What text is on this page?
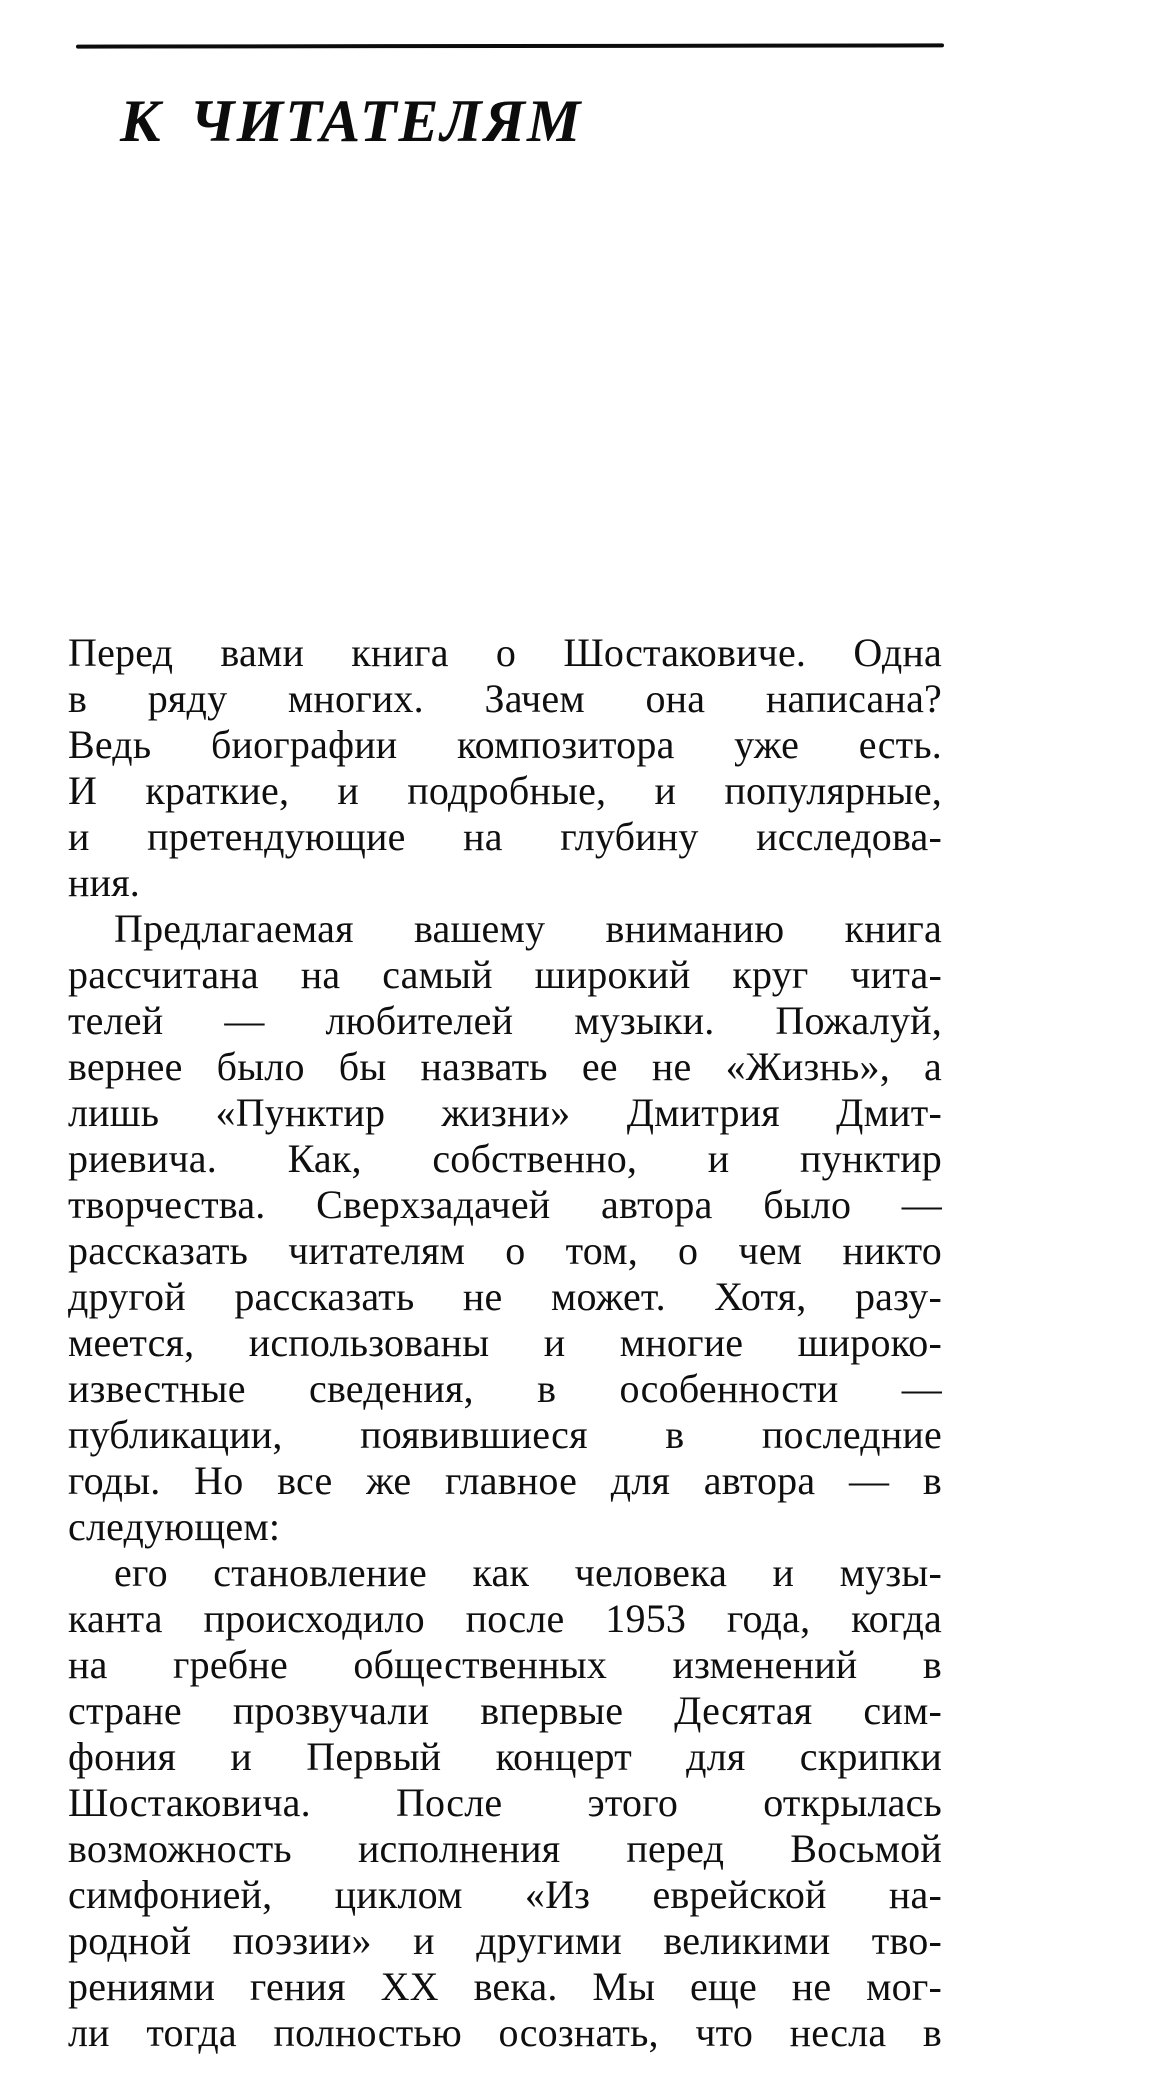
К ЧИТАТЕЛЯМ
Перед вами книга о Шостаковиче. Одна
в ряду многих. Зачем она написана?
Ведь биографии композитора уже есть.
И краткие, и подробные, и популярные,
и претендующие на глубину исследова-
ния.
Предлагаемая вашему вниманию книга
рассчитана на самый широкий круг чита-
телей — любителей музыки. Пожалуй,
вернее было бы назвать ее не «Жизнь», а
лишь «Пунктир жизни» Дмитрия Дмит-
риевича. Как, собственно, и пунктир
творчества. Сверхзадачей автора было —
рассказать читателям о том, о чем никто
другой рассказать не может. Хотя, разу-
меется, использованы и многие широко-
известные сведения, в особенности —
публикации, появившиеся в последние
годы. Но все же главное для автора — в
следующем:
его становление как человека и музы-
канта происходило после 1953 года, когда
на гребне общественных изменений в
стране прозвучали впервые Десятая сим-
фония и Первый концерт для скрипки
Шостаковича. После этого открылась
возможность исполнения перед Восьмой
симфонией, циклом «Из еврейской на-
родной поэзии» и другими великими тво-
рениями гения XX века. Мы еще не мог-
ли тогда полностью осознать, что несла в
